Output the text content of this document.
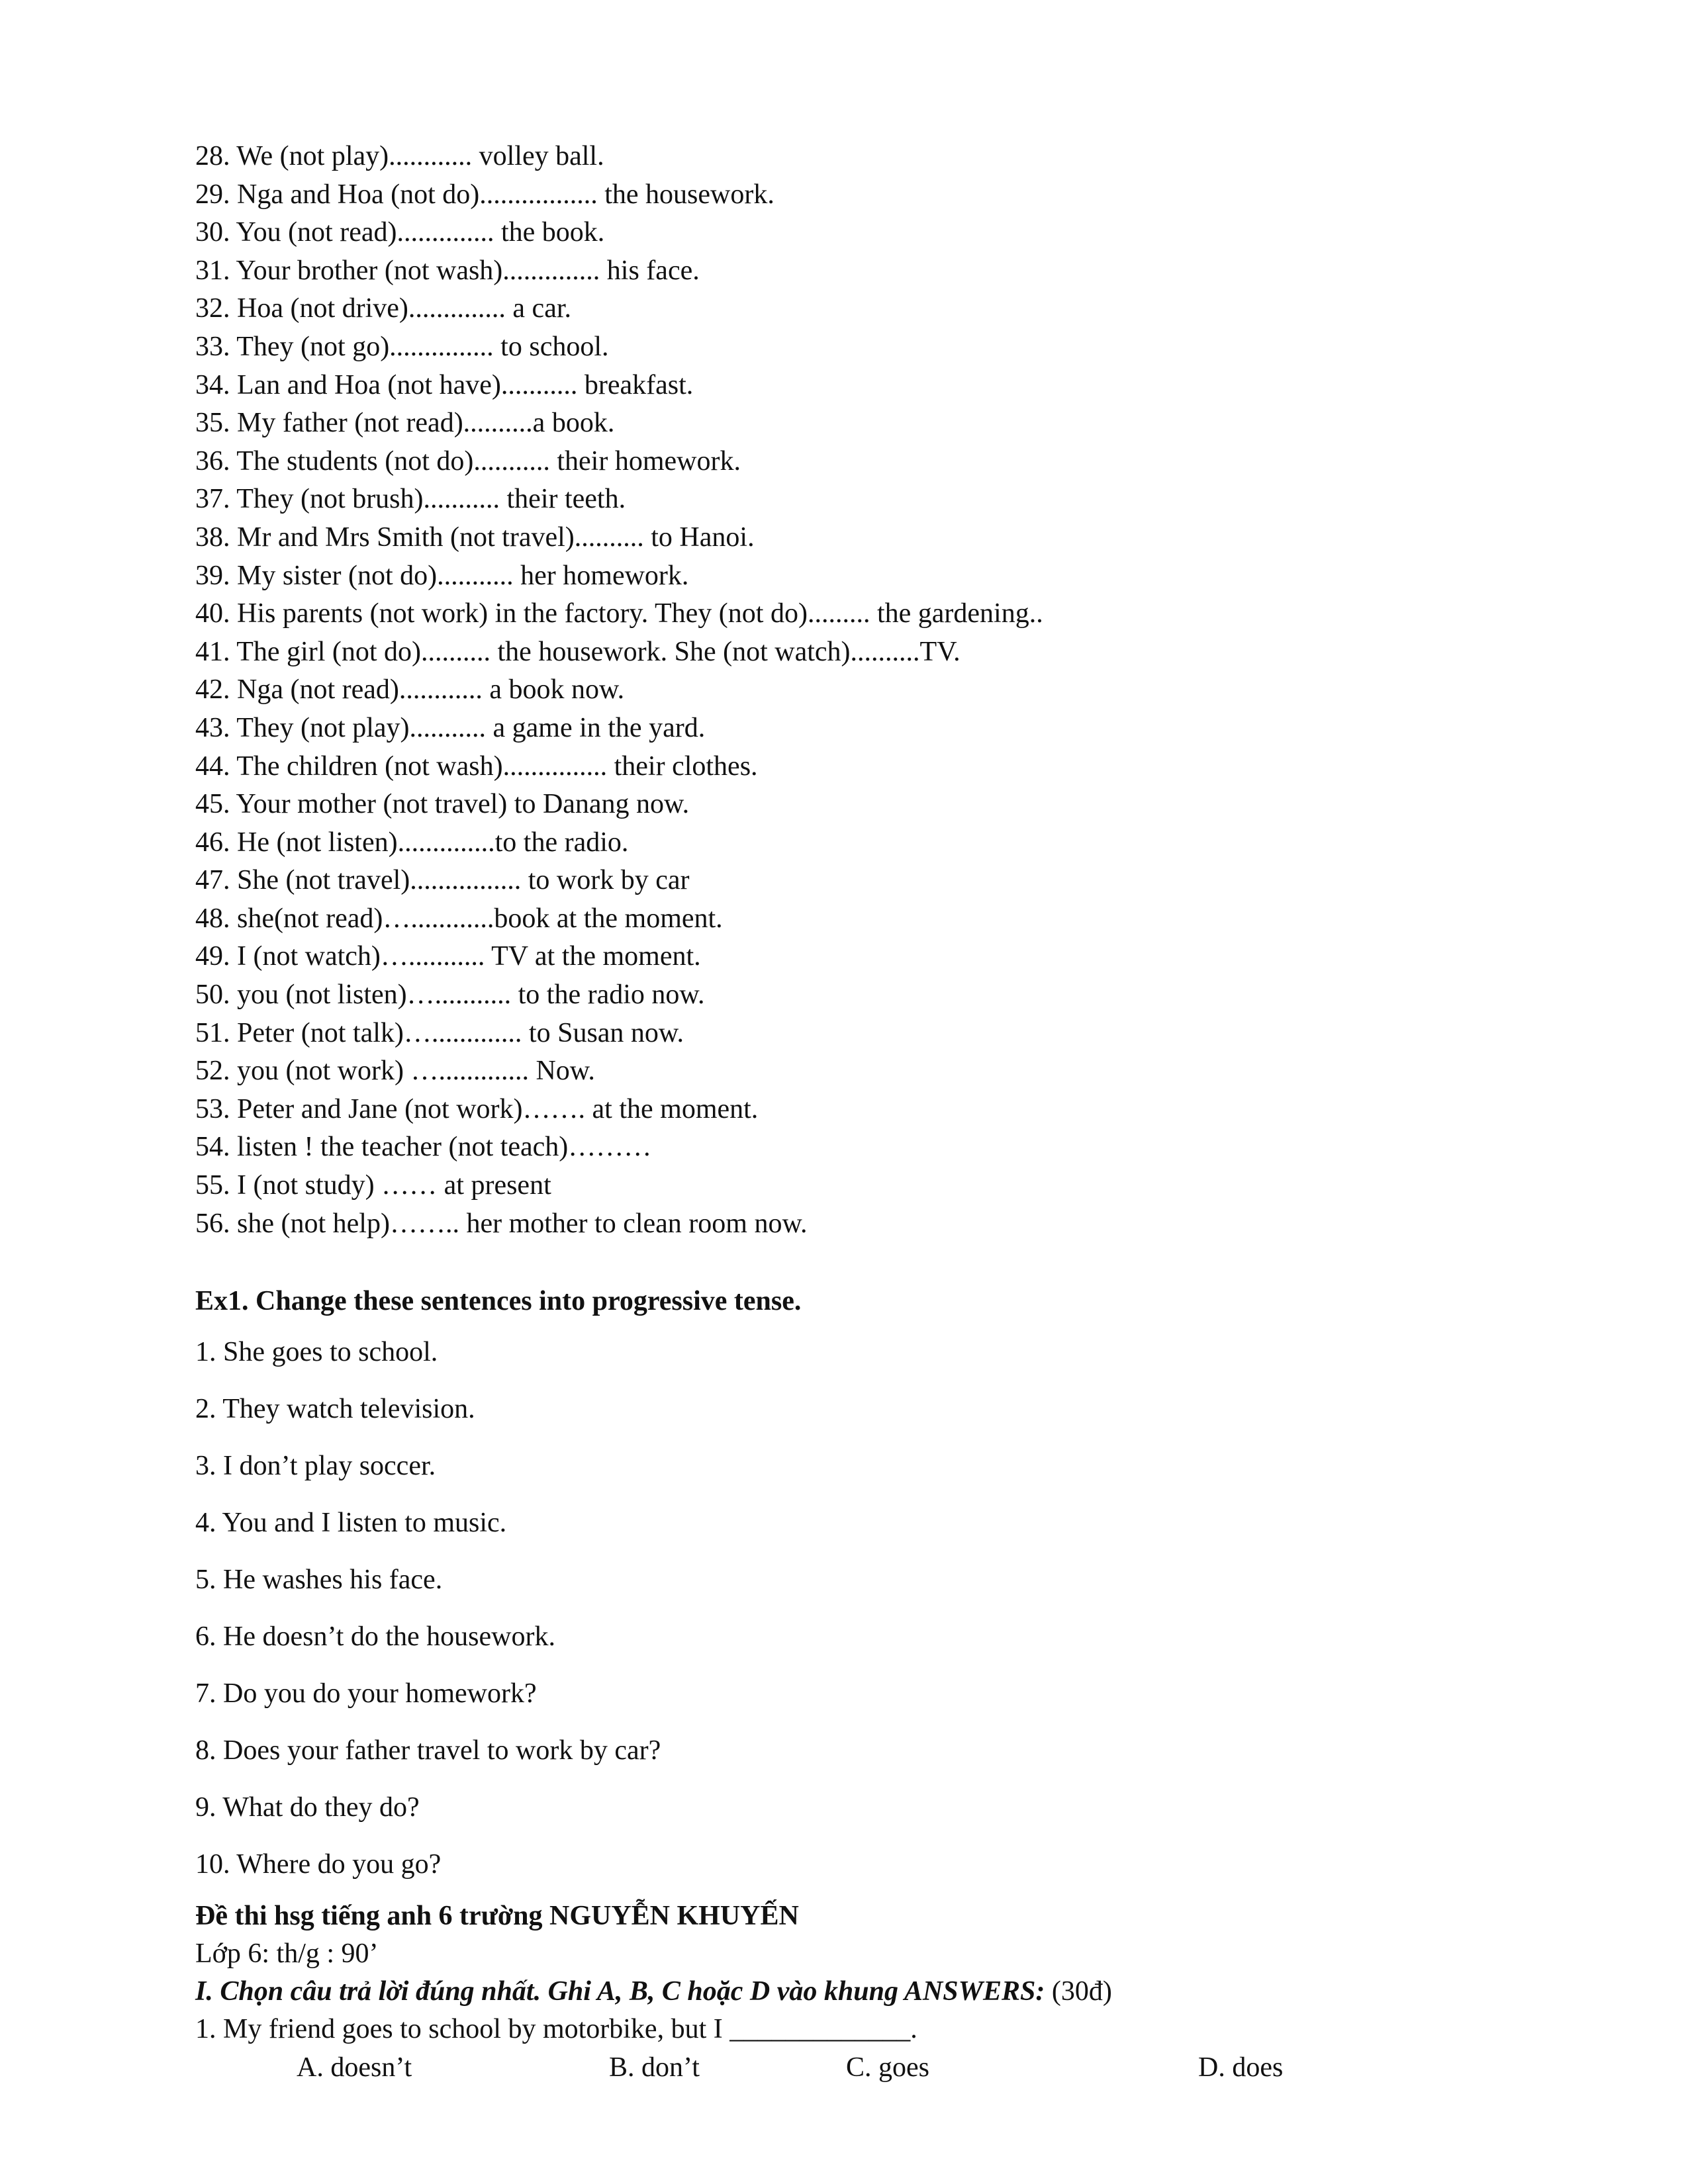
28. We (not play)............ volley ball.
29. Nga and Hoa (not do)................. the housework.
30. You (not read).............. the book.
31. Your brother (not wash).............. his face.
32. Hoa (not drive).............. a car.
33. They (not go)............... to school.
34. Lan and Hoa (not have)........... breakfast.
35. My father (not read)..........a book.
36. The students (not do)........... their homework.
37. They (not brush)........... their teeth.
38. Mr and Mrs Smith (not travel).......... to Hanoi.
39. My sister (not do)........... her homework.
40. His parents (not work) in the factory. They (not do)......... the gardening..
41. The girl (not do).......... the housework. She (not watch)..........TV.
42. Nga (not read)............ a book now.
43. They (not play)........... a game in the yard.
44. The children (not wash)............... their clothes.
45. Your mother (not travel) to Danang now.
46. He (not listen)..............to the radio.
47. She (not travel)................ to work by car
48. she(not read)…............book at the moment.
49. I (not watch)…........... TV at the moment.
50. you (not listen)…........... to the radio now.
51. Peter (not talk)…............. to Susan now.
52. you (not work) …............. Now.
53. Peter and Jane (not work)……. at the moment.
54. listen ! the teacher (not teach)………
55. I (not study) …… at present
56. she (not help)…….. her mother to clean room now.
Ex1. Change these sentences into progressive tense.
1. She goes to school.
2. They watch television.
3. I don’t play soccer.
4. You and I listen to music.
5. He washes his face.
6. He doesn’t do the housework.
7. Do you do your homework?
8. Does your father travel to work by car?
9. What do they do?
10. Where do you go?
Đề thi hsg tiếng anh 6 trường NGUYỄN KHUYẾN
Lớp 6: th/g : 90’
I. Chọn câu trả lời đúng nhất. Ghi A, B, C hoặc D vào khung ANSWERS: (30đ)
1. My friend goes to school by motorbike, but I _____________.
A. doesn’t	B. don’t	C. goes	D. does
